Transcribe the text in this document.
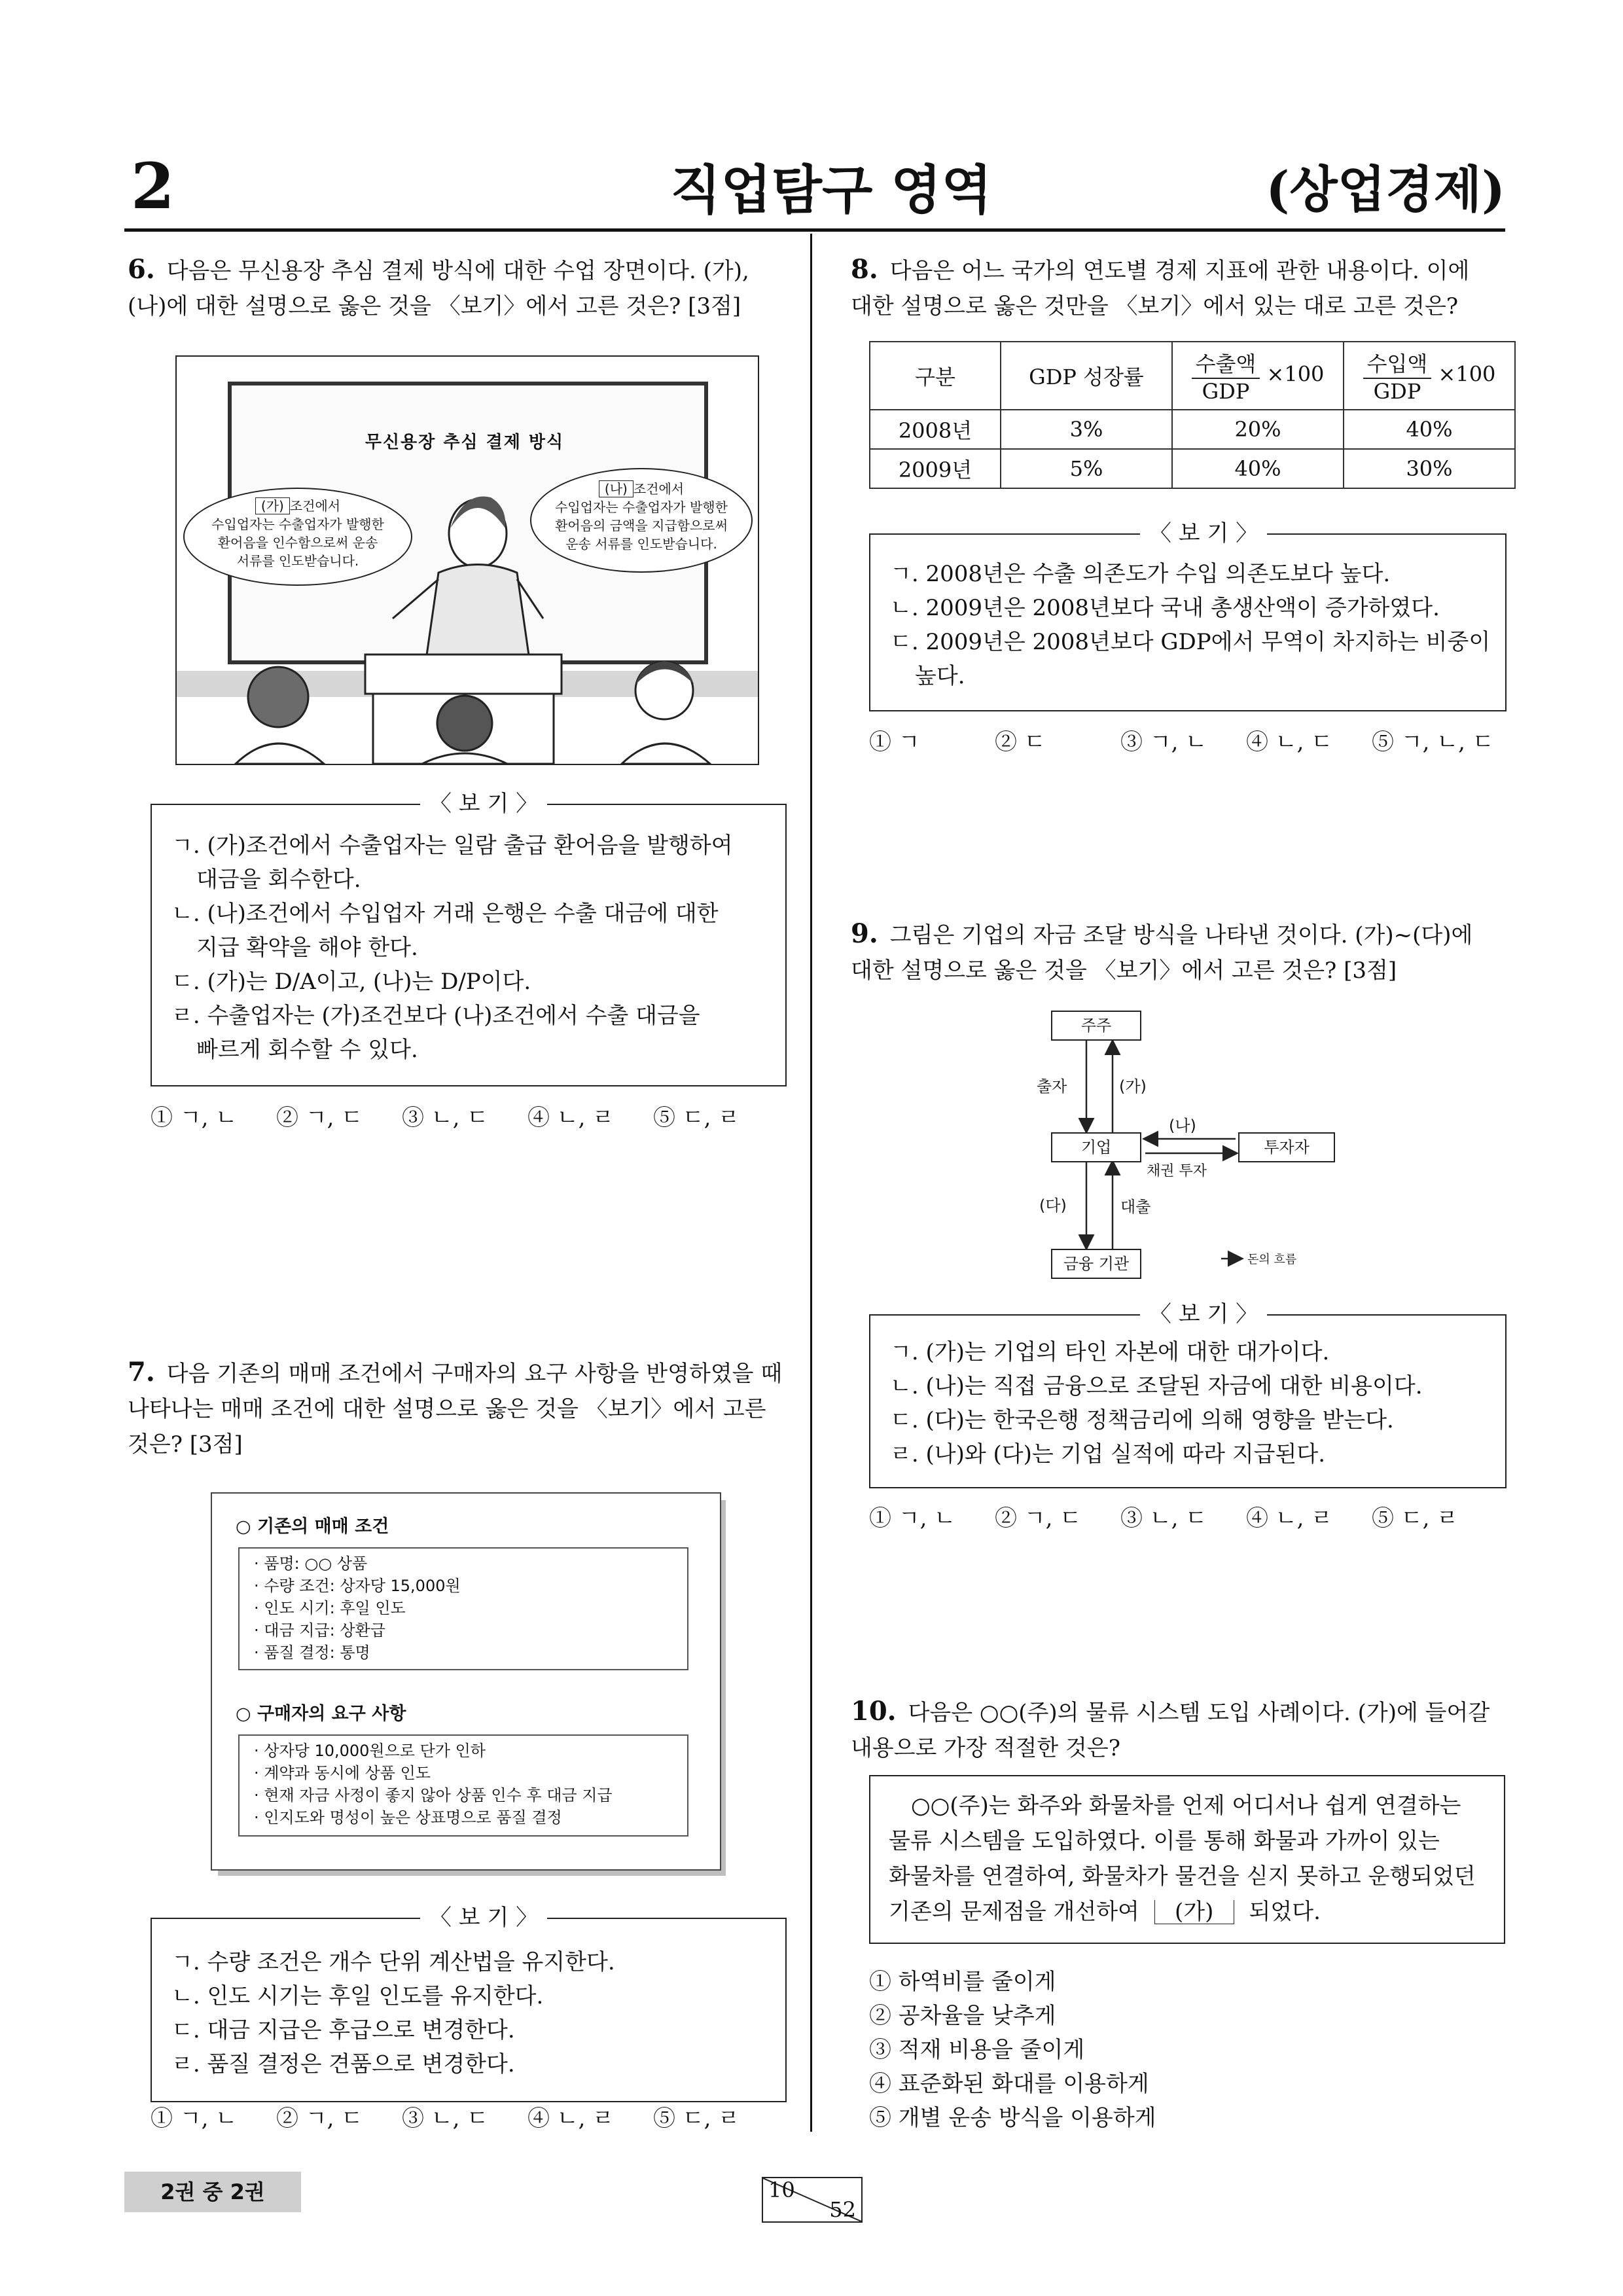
2	직업탐구 영역	(상업경제)
6. 다음은 무신용장 추심 결제 방식에 대한 수업 장면이다. (가),
(나)에 대한 설명으로 옳은 것을 〈보기〉에서 고른 것은? [3점]
무신용장 추심 결제 방식
(가) 조건에서
수입업자는 수출업자가 발행한
환어음을 인수함으로써 운송
서류를 인도받습니다.
(나) 조건에서
수입업자는 수출업자가 발행한
환어음의 금액을 지급함으로써
운송 서류를 인도받습니다.
〈 보 기 〉
ㄱ. (가)조건에서 수출업자는 일람 출급 환어음을 발행하여
대금을 회수한다.
ㄴ. (나)조건에서 수입업자 거래 은행은 수출 대금에 대한
지급 확약을 해야 한다.
ㄷ. (가)는 D/A이고, (나)는 D/P이다.
ㄹ. 수출업자는 (가)조건보다 (나)조건에서 수출 대금을
빠르게 회수할 수 있다.
① ㄱ, ㄴ ② ㄱ, ㄷ ③ ㄴ, ㄷ ④ ㄴ, ㄹ ⑤ ㄷ, ㄹ
7. 다음 기존의 매매 조건에서 구매자의 요구 사항을 반영하였을 때
나타나는 매매 조건에 대한 설명으로 옳은 것을 〈보기〉에서 고른
것은? [3점]
○ 기존의 매매 조건
· 품명: ○○ 상품
· 수량 조건: 상자당 15,000원
· 인도 시기: 후일 인도
· 대금 지급: 상환급
· 품질 결정: 통명
○ 구매자의 요구 사항
· 상자당 10,000원으로 단가 인하
· 계약과 동시에 상품 인도
· 현재 자금 사정이 좋지 않아 상품 인수 후 대금 지급
· 인지도와 명성이 높은 상표명으로 품질 결정
〈 보 기 〉
ㄱ. 수량 조건은 개수 단위 계산법을 유지한다.
ㄴ. 인도 시기는 후일 인도를 유지한다.
ㄷ. 대금 지급은 후급으로 변경한다.
ㄹ. 품질 결정은 견품으로 변경한다.
① ㄱ, ㄴ ② ㄱ, ㄷ ③ ㄴ, ㄷ ④ ㄴ, ㄹ ⑤ ㄷ, ㄹ
8. 다음은 어느 국가의 연도별 경제 지표에 관한 내용이다. 이에
대한 설명으로 옳은 것만을 〈보기〉에서 있는 대로 고른 것은?
구분	GDP 성장률	$\frac{\text{수출액}}{\text{GDP}} \times 100$	$\frac{\text{수입액}}{\text{GDP}} \times 100$
2008년	3%	20%	40%
2009년	5%	40%	30%
〈 보 기 〉
ㄱ. 2008년은 수출 의존도가 수입 의존도보다 높다.
ㄴ. 2009년은 2008년보다 국내 총생산액이 증가하였다.
ㄷ. 2009년은 2008년보다 GDP에서 무역이 차지하는 비중이
높다.
① ㄱ	② ㄷ	③ ㄱ, ㄴ ④ ㄴ, ㄷ ⑤ ㄱ, ㄴ, ㄷ
9. 그림은 기업의 자금 조달 방식을 나타낸 것이다. (가)~(다)에
대한 설명으로 옳은 것을 〈보기〉에서 고른 것은? [3점]
주주
기업	투자자
금융 기관
출자	(가)
(나)
채권 투자
(다)	대출
돈의 흐름
〈 보 기 〉
ㄱ. (가)는 기업의 타인 자본에 대한 대가이다.
ㄴ. (나)는 직접 금융으로 조달된 자금에 대한 비용이다.
ㄷ. (다)는 한국은행 정책금리에 의해 영향을 받는다.
ㄹ. (나)와 (다)는 기업 실적에 따라 지급된다.
① ㄱ, ㄴ ② ㄱ, ㄷ ③ ㄴ, ㄷ ④ ㄴ, ㄹ ⑤ ㄷ, ㄹ
10. 다음은 ○○(주)의 물류 시스템 도입 사례이다. (가)에 들어갈
내용으로 가장 적절한 것은?
○○(주)는 화주와 화물차를 언제 어디서나 쉽게 연결하는
물류 시스템을 도입하였다. 이를 통해 화물과 가까이 있는
화물차를 연결하여, 화물차가 물건을 싣지 못하고 운행되었던
기존의 문제점을 개선하여 (가) 되었다.
① 하역비를 줄이게
② 공차율을 낮추게
③ 적재 비용을 줄이게
④ 표준화된 화대를 이용하게
⑤ 개별 운송 방식을 이용하게
2권 중 2권	10
52
